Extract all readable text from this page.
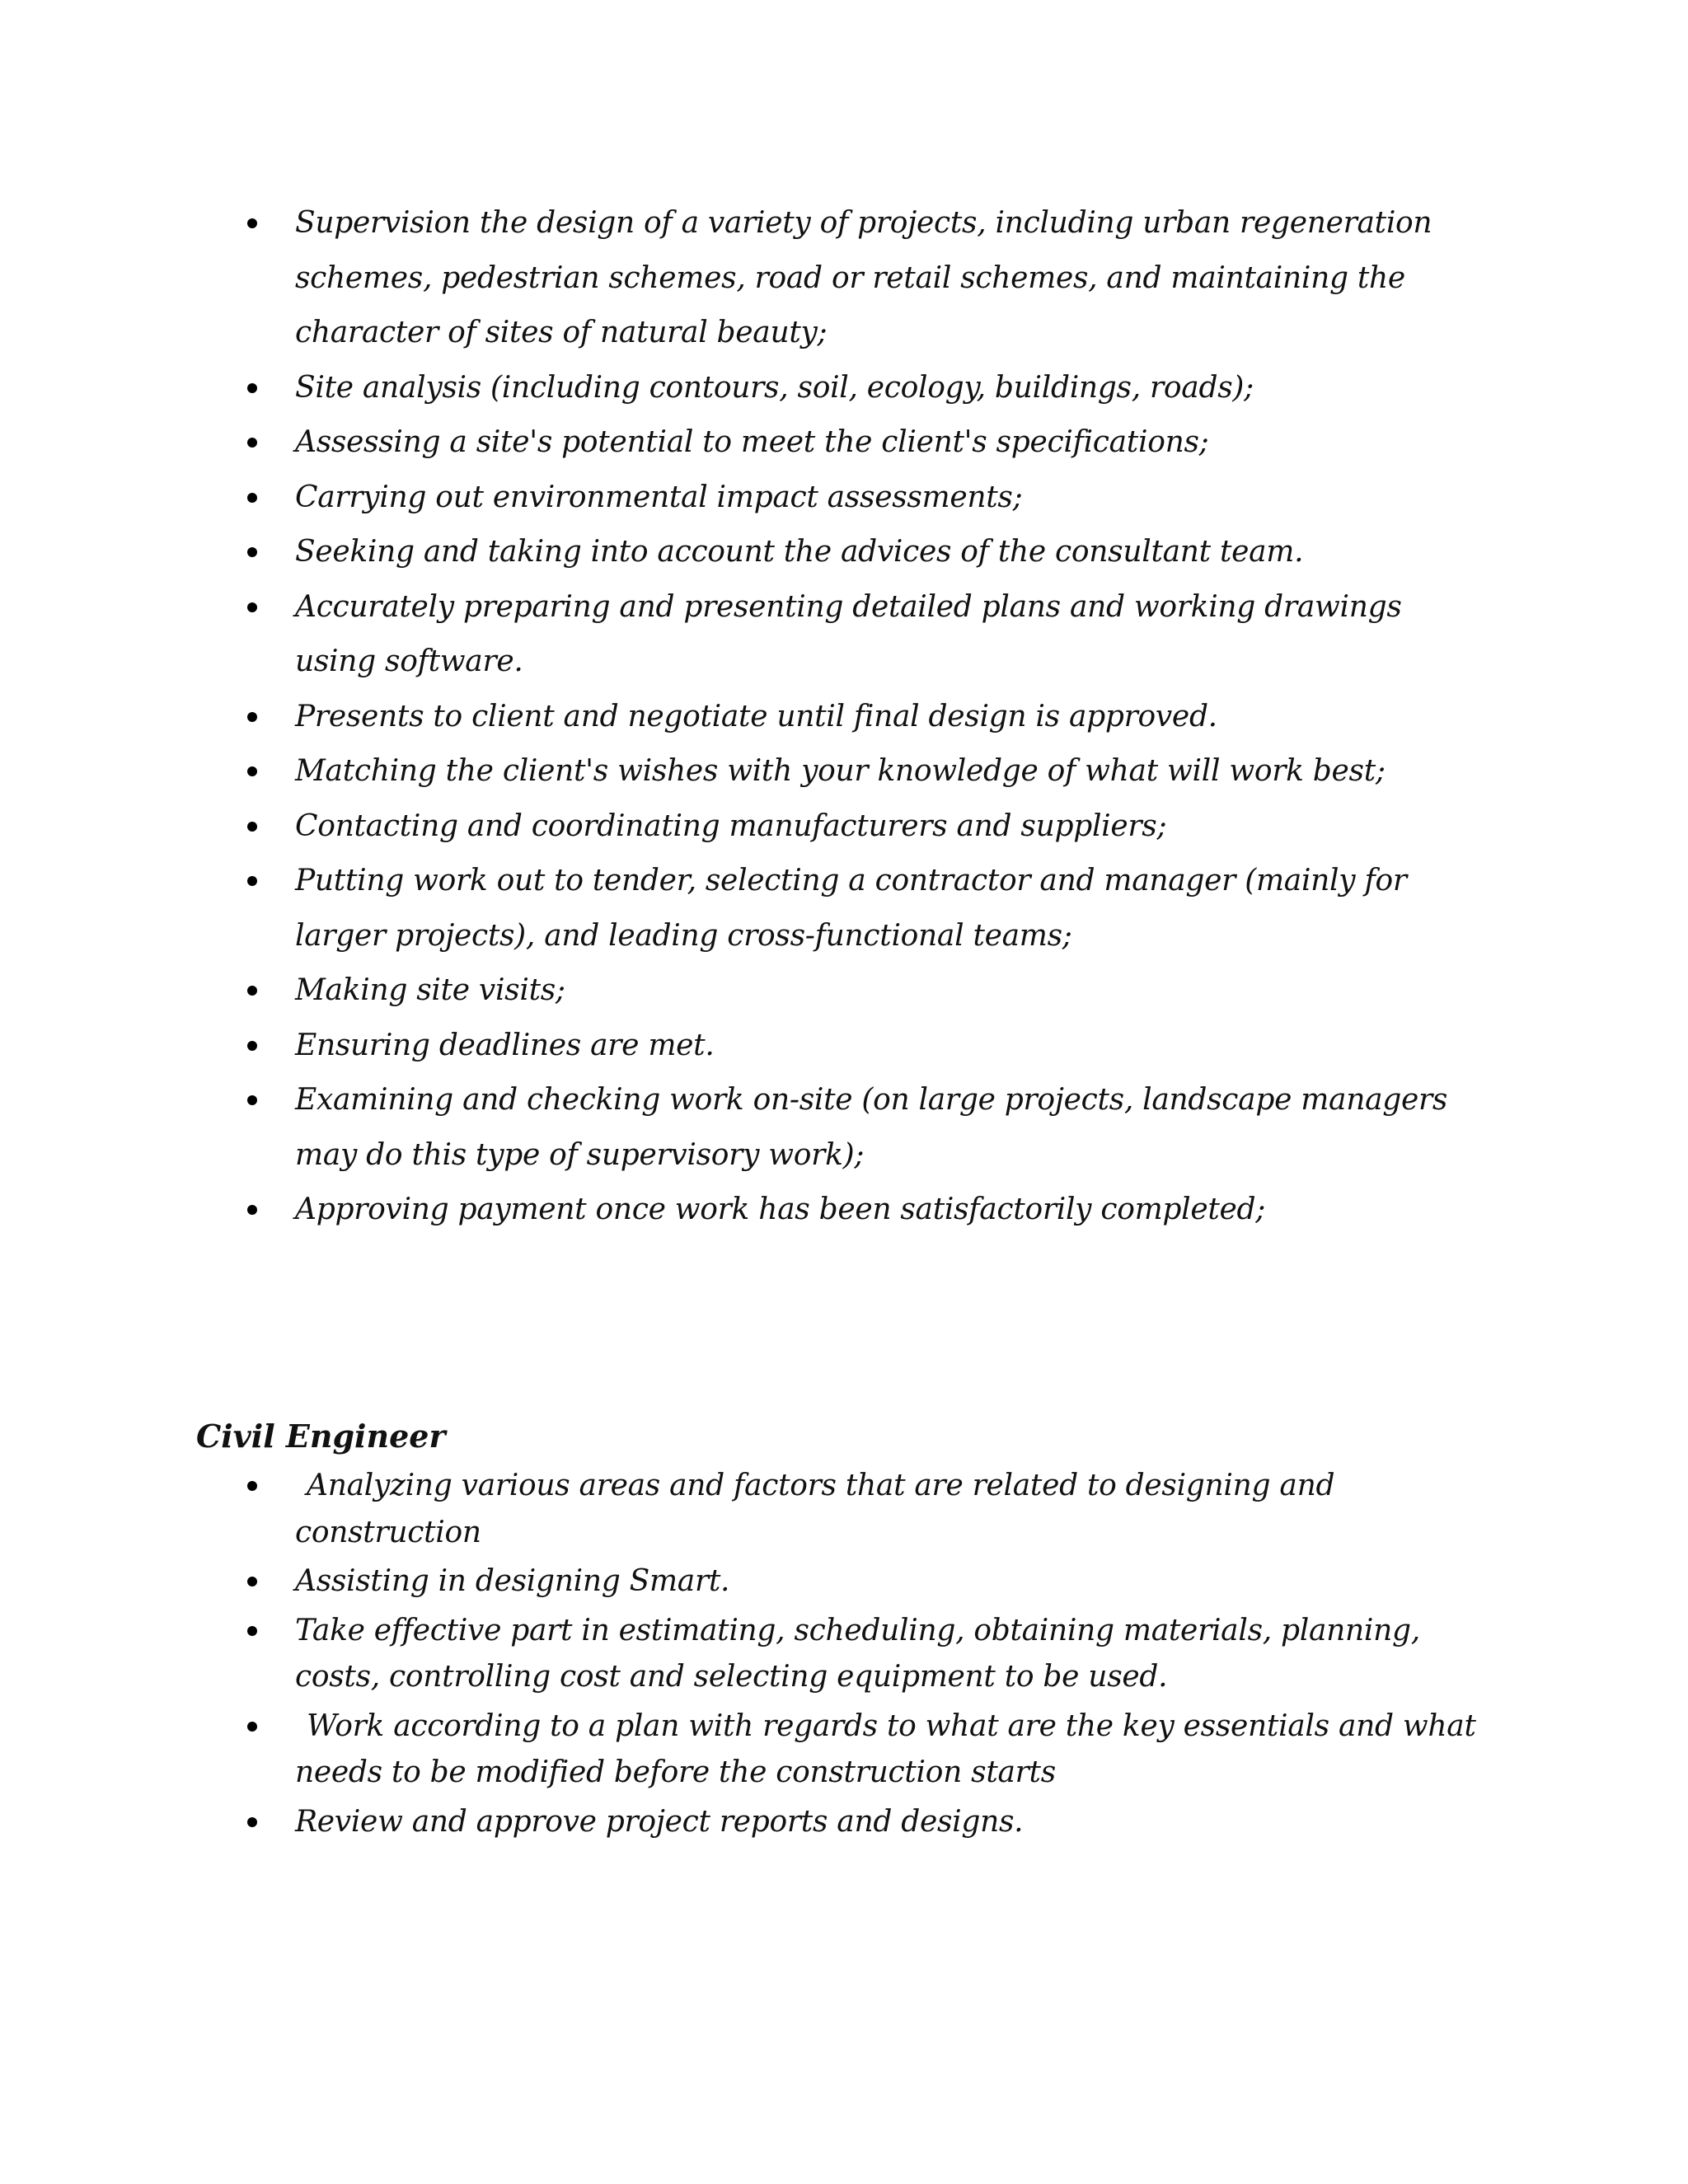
Supervision the design of a variety of projects, including urban regeneration schemes, pedestrian schemes, road or retail schemes, and maintaining the character of sites of natural beauty;
Site analysis (including contours, soil, ecology, buildings, roads);
Assessing a site's potential to meet the client's specifications;
Carrying out environmental impact assessments;
Seeking and taking into account the advices of the consultant team.
Accurately preparing and presenting detailed plans and working drawings using software.
Presents to client and negotiate until final design is approved.
Matching the client's wishes with your knowledge of what will work best;
Contacting and coordinating manufacturers and suppliers;
Putting work out to tender, selecting a contractor and manager (mainly for larger projects), and leading cross-functional teams;
Making site visits;
Ensuring deadlines are met.
Examining and checking work on-site (on large projects, landscape managers may do this type of supervisory work);
Approving payment once work has been satisfactorily completed;
Civil Engineer
Analyzing various areas and factors that are related to designing and construction
Assisting in designing Smart.
Take effective part in estimating, scheduling, obtaining materials, planning, costs, controlling cost and selecting equipment to be used.
Work according to a plan with regards to what are the key essentials and what needs to be modified before the construction starts
Review and approve project reports and designs.
